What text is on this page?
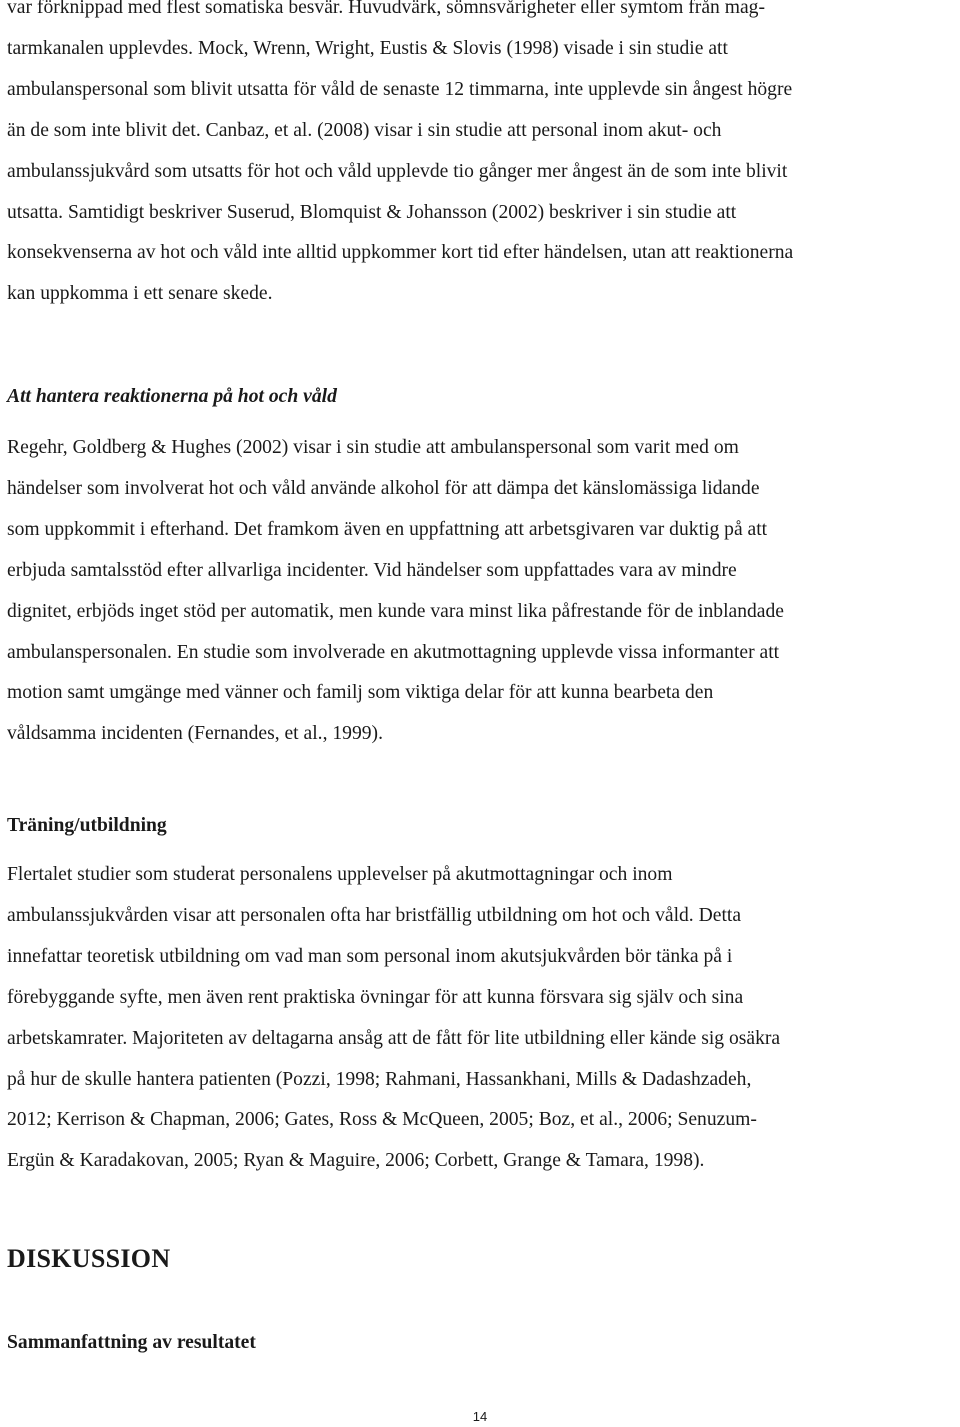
var förknippad med flest somatiska besvär. Huvudvärk, sömnsvårigheter eller symtom från mag-
tarmkanalen upplevdes. Mock, Wrenn, Wright, Eustis & Slovis (1998) visade i sin studie att
ambulanspersonal som blivit utsatta för våld de senaste 12 timmarna, inte upplevde sin ångest högre
än de som inte blivit det. Canbaz, et al. (2008) visar i sin studie att personal inom akut- och
ambulanssjukvård som utsatts för hot och våld upplevde tio gånger mer ångest än de som inte blivit
utsatta. Samtidigt beskriver Suserud, Blomquist & Johansson (2002) beskriver i sin studie att
konsekvenserna av hot och våld inte alltid uppkommer kort tid efter händelsen, utan att reaktionerna
kan uppkomma i ett senare skede.

Att hantera reaktionerna på hot och våld

Regehr, Goldberg & Hughes (2002) visar i sin studie att ambulanspersonal som varit med om
händelser som involverat hot och våld använde alkohol för att dämpa det känslomässiga lidande
som uppkommit i efterhand. Det framkom även en uppfattning att arbetsgivaren var duktig på att
erbjuda samtalsstöd efter allvarliga incidenter. Vid händelser som uppfattades vara av mindre
dignitet, erbjöds inget stöd per automatik, men kunde vara minst lika påfrestande för de inblandade
ambulanspersonalen. En studie som involverade en akutmottagning upplevde vissa informanter att
motion samt umgänge med vänner och familj som viktiga delar för att kunna bearbeta den
våldsamma incidenten (Fernandes, et al., 1999).

Träning/utbildning

Flertalet studier som studerat personalens upplevelser på akutmottagningar och inom
ambulanssjukvården visar att personalen ofta har bristfällig utbildning om hot och våld. Detta
innefattar teoretisk utbildning om vad man som personal inom akutsjukvården bör tänka på i
förebyggande syfte, men även rent praktiska övningar för att kunna försvara sig själv och sina
arbetskamrater. Majoriteten av deltagarna ansåg att de fått för lite utbildning eller kände sig osäkra
på hur de skulle hantera patienten (Pozzi, 1998; Rahmani, Hassankhani, Mills & Dadashzadeh,
2012; Kerrison & Chapman, 2006; Gates, Ross & McQueen, 2005; Boz, et al., 2006; Senuzum-
Ergün & Karadakovan, 2005; Ryan & Maguire, 2006; Corbett, Grange & Tamara, 1998).

DISKUSSION
Sammanfattning av resultatet
14
